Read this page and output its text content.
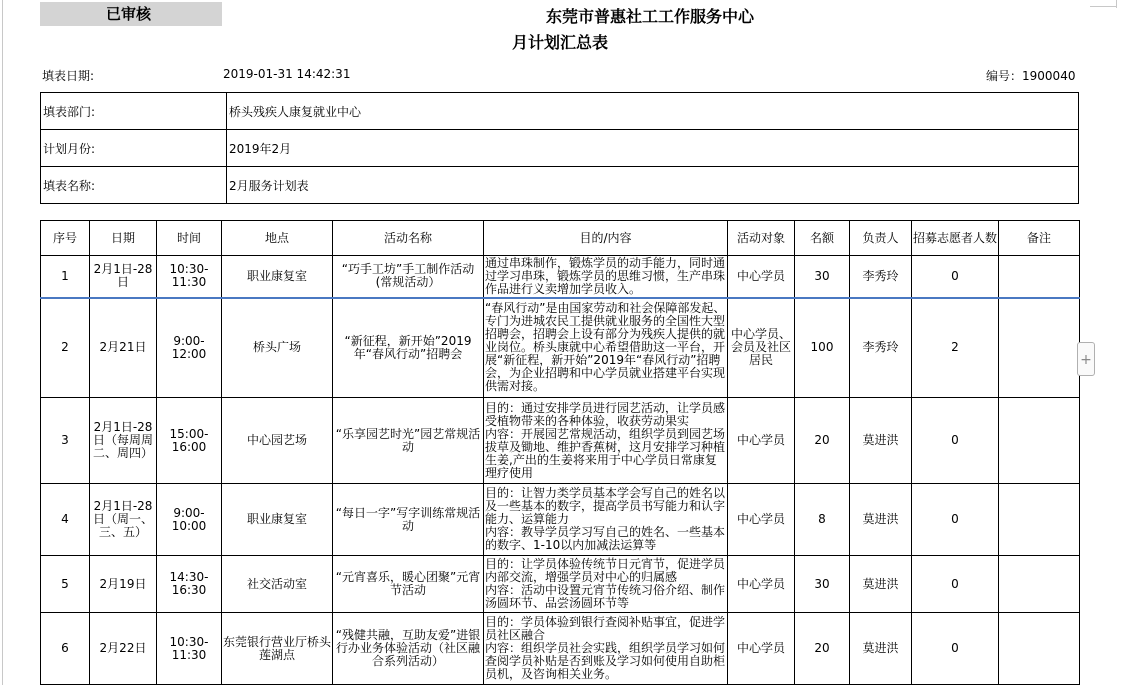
已审核	东莞市普惠社工工作服务中心
月计划汇总表
填表日期:	2019-01-31 14:42:31	编号：1900040
填表部门:	桥头残疾人康复就业中心
计划月份:	2019年2月
填表名称:	2月服务计划表
序号	日期	时间	地点	活动名称	目的/内容	活动对象	名额	负责人	招募志愿者人数	备注
1	2月1日-28日	10:30-11:30	职业康复室	“巧手工坊”手工制作活动(常规活动）	通过串珠制作，锻炼学员的动手能力，同时通过学习串珠，锻炼学员的思维习惯，生产串珠作品进行义卖增加学员收入。	中心学员	30	李秀玲	0	
2	2月21日	9:00-12:00	桥头广场	“新征程，新开始”2019年“春风行动”招聘会	“春风行动”是由国家劳动和社会保障部发起、专门为进城农民工提供就业服务的全国性大型招聘会，招聘会上设有部分为残疾人提供的就业岗位。桥头康就中心希望借助这一平台，开展“新征程，新开始”2019年“春风行动”招聘会，为企业招聘和中心学员就业搭建平台实现供需对接。	中心学员、会员及社区居民	100	李秀玲	2	
3	2月1日-28日（每周周二、周四）	15:00-16:00	中心园艺场	“乐享园艺时光”园艺常规活动	目的：通过安排学员进行园艺活动，让学员感受植物带来的各种体验，收获劳动果实
内容：开展园艺常规活动，组织学员到园艺场拔草及锄地、维护香蕉树，这月安排学习种植生姜,产出的生姜将来用于中心学员日常康复理疗使用	中心学员	20	莫进洪	0	
4	2月1日-28日（周一、三、五）	9:00-10:00	职业康复室	“每日一字”写字训练常规活动	目的：让智力类学员基本学会写自己的姓名以及一些基本的数字，提高学员书写能力和认字能力、运算能力
内容：教导学员学习写自己的姓名、一些基本的数字、1-10以内加减法运算等	中心学员	8	莫进洪	0	
5	2月19日	14:30-16:30	社交活动室	“元宵喜乐，暖心团聚”元宵节活动	目的：让学员体验传统节日元宵节，促进学员内部交流，增强学员对中心的归属感
内容：活动中设置元宵节传统习俗介绍、制作汤圆环节、品尝汤圆环节等	中心学员	30	莫进洪	0	
6	2月22日	10:30-11:30	东莞银行营业厅桥头莲湖点	“残健共融，互助友爱”进银行办业务体验活动（社区融合系列活动）	目的：学员体验到银行查阅补贴事宜，促进学员社区融合
内容：组织学员社会实践，组织学员学习如何查阅学员补贴是否到账及学习如何使用自助柜员机，及咨询相关业务。	中心学员	20	莫进洪	0	
+
